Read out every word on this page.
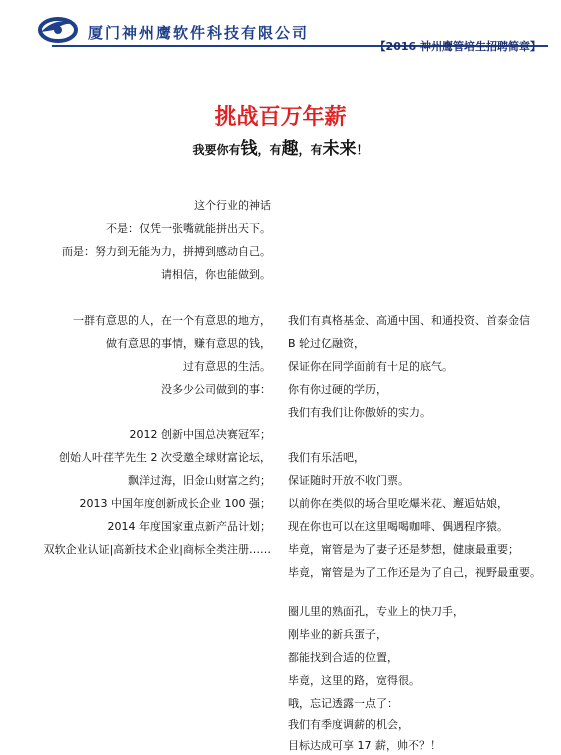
厦门神州鹰软件科技有限公司
【2016 神州鹰管培生招聘简章】
挑战百万年薪
我要你有钱，有趣，有未来！
这个行业的神话
不是：仅凭一张嘴就能拼出天下。
而是：努力到无能为力，拼搏到感动自己。
请相信，你也能做到。
一群有意思的人，在一个有意思的地方，
做有意思的事情，赚有意思的钱，
过有意思的生活。
没多少公司做到的事：
2012 创新中国总决赛冠军；
创始人叶荏芊先生 2 次受邀全球财富论坛，
飘洋过海，旧金山财富之约；
2013 中国年度创新成长企业 100 强；
2014 年度国家重点新产品计划；
双软企业认证|高新技术企业|商标全类注册……
我们有真格基金、高通中国、和通投资、首泰金信
B 轮过亿融资，
保证你在同学面前有十足的底气。
你有你过硬的学历，
我们有我们让你傲娇的实力。
我们有乐活吧，
保证随时开放不收门票。
以前你在类似的场合里吃爆米花、邂逅姑娘，
现在你也可以在这里喝喝咖啡、偶遇程序猿。
毕竟，甯管是为了妻子还是梦想，健康最重要；
毕竟，甯管是为了工作还是为了自己，视野最重要。
圈儿里的熟面孔，专业上的快刀手，
刚毕业的新兵蛋子，
都能找到合适的位置，
毕竟，这里的路，宽得很。
哦，忘记透露一点了：
我们有季度调薪的机会，
目标达成可享 17 薪，帅不？！
